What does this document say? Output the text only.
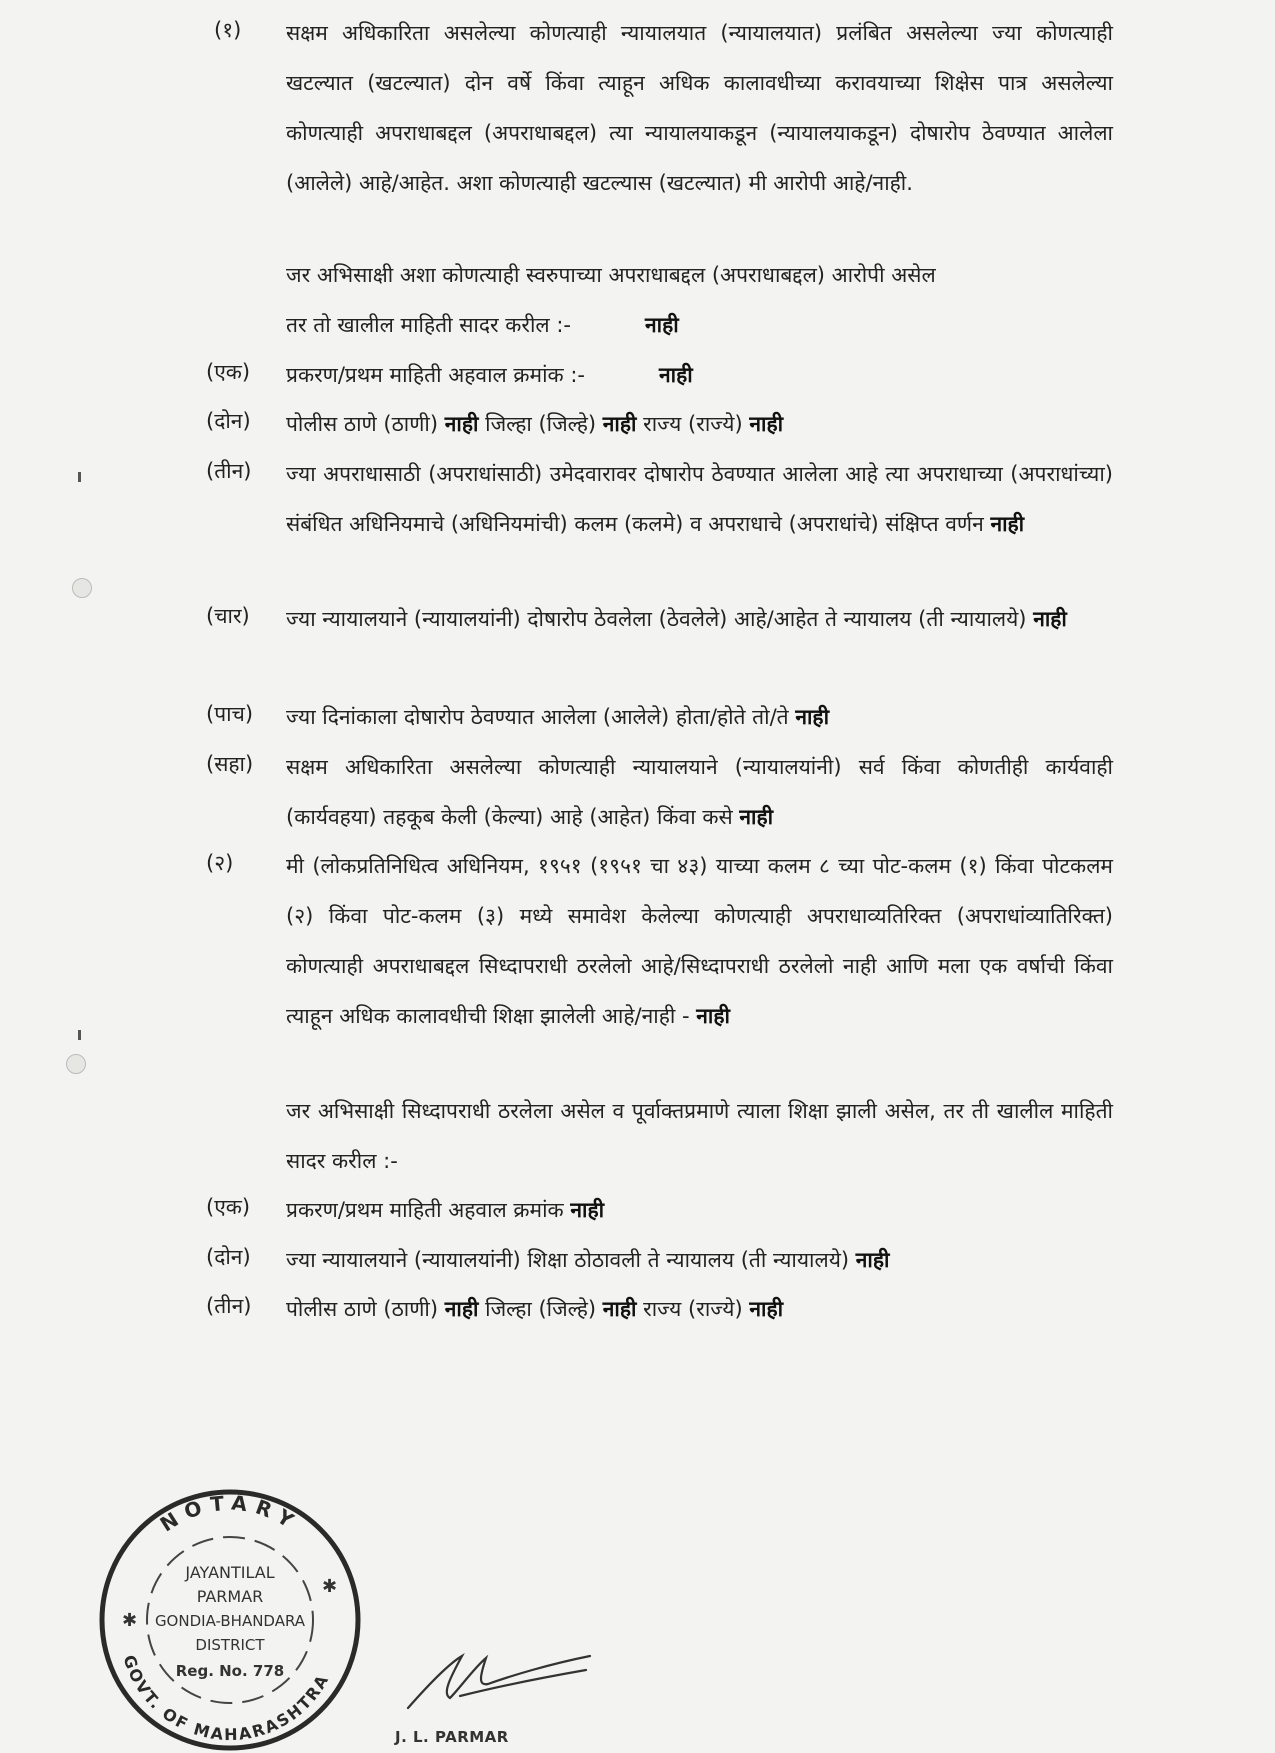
(१) सक्षम अधिकारिता असलेल्या कोणत्याही न्यायालयात (न्यायालयात) प्रलंबित असलेल्या ज्या कोणत्याही खटल्यात (खटल्यात) दोन वर्षे किंवा त्याहून अधिक कालावधीच्या करावयाच्या शिक्षेस पात्र असलेल्या कोणत्याही अपराधाबद्दल (अपराधाबद्दल) त्या न्यायालयाकडून (न्यायालयाकडून) दोषारोप ठेवण्यात आलेला (आलेले) आहे/आहेत. अशा कोणत्याही खटल्यास (खटल्यात) मी आरोपी आहे/नाही.
जर अभिसाक्षी अशा कोणत्याही स्वरुपाच्या अपराधाबद्दल (अपराधाबद्दल) आरोपी असेल
तर तो खालील माहिती सादर करील :-	नाही
(एक) प्रकरण/प्रथम माहिती अहवाल क्रमांक :-	नाही
(दोन) पोलीस ठाणे (ठाणी) नाही जिल्हा (जिल्हे) नाही राज्य (राज्ये) नाही
(तीन) ज्या अपराधासाठी (अपराधांसाठी) उमेदवारावर दोषारोप ठेवण्यात आलेला आहे त्या अपराधाच्या (अपराधांच्या) संबंधित अधिनियमाचे (अधिनियमांची) कलम (कलमे) व अपराधाचे (अपराधांचे) संक्षिप्त वर्णन नाही
(चार) ज्या न्यायालयाने (न्यायालयांनी) दोषारोप ठेवलेला (ठेवलेले) आहे/आहेत ते न्यायालय (ती न्यायालये) नाही
(पाच) ज्या दिनांकाला दोषारोप ठेवण्यात आलेला (आलेले) होता/होते तो/ते नाही
(सहा) सक्षम अधिकारिता असलेल्या कोणत्याही न्यायालयाने (न्यायालयांनी) सर्व किंवा कोणतीही कार्यवाही (कार्यवहया) तहकूब केली (केल्या) आहे (आहेत) किंवा कसे नाही
(२)	मी (लोकप्रतिनिधित्व अधिनियम, १९५१ (१९५१ चा ४३) याच्या कलम ८ च्या पोट-कलम (१) किंवा पोटकलम (२) किंवा पोट-कलम (३) मध्ये समावेश केलेल्या कोणत्याही अपराधाव्यतिरिक्त (अपराधांव्यातिरिक्त) कोणत्याही अपराधाबद्दल सिध्दापराधी ठरलेलो आहे/सिध्दापराधी ठरलेलो नाही आणि मला एक वर्षाची किंवा त्याहून अधिक कालावधीची शिक्षा झालेली आहे/नाही - नाही
जर अभिसाक्षी सिध्दापराधी ठरलेला असेल व पूर्वाक्तप्रमाणे त्याला शिक्षा झाली असेल, तर ती खालील माहिती सादर करील :-
(एक) प्रकरण/प्रथम माहिती अहवाल क्रमांक नाही
(दोन) ज्या न्यायालयाने (न्यायालयांनी) शिक्षा ठोठावली ते न्यायालय (ती न्यायालये) नाही
(तीन) पोलीस ठाणे (ठाणी) नाही जिल्हा (जिल्हे) नाही राज्य (राज्ये) नाही
NOTARY
GOVT. OF MAHARASHTRA
JAYANTILAL
PARMAR
GONDIA-BHANDARA
DISTRICT
Reg. No. 778
✱
✱
J. L. PARMAR
